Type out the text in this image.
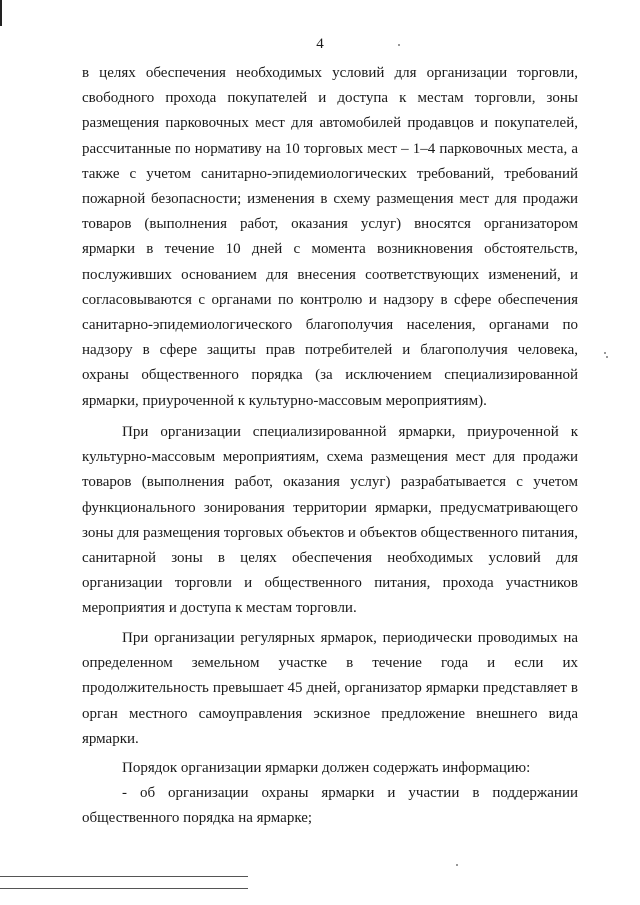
4

в целях обеспечения необходимых условий для организации торговли, свободного прохода покупателей и доступа к местам торговли, зоны размещения парковочных мест для автомобилей продавцов и покупателей, рассчитанные по нормативу на 10 торговых мест – 1–4 парковочных места, а также с учетом санитарно-эпидемиологических требований, требований пожарной безопасности; изменения в схему размещения мест для продажи товаров (выполнения работ, оказания услуг) вносятся организатором ярмарки в течение 10 дней с момента возникновения обстоятельств, послуживших основанием для внесения соответствующих изменений, и согласовываются с органами по контролю и надзору в сфере обеспечения санитарно-эпидемиологического благополучия населения, органами по надзору в сфере защиты прав потребителей и благополучия человека, охраны общественного порядка (за исключением специализированной ярмарки, приуроченной к культурно-массовым мероприятиям).

При организации специализированной ярмарки, приуроченной к культурно-массовым мероприятиям, схема размещения мест для продажи товаров (выполнения работ, оказания услуг) разрабатывается с учетом функционального зонирования территории ярмарки, предусматривающего зоны для размещения торговых объектов и объектов общественного питания, санитарной зоны в целях обеспечения необходимых условий для организации торговли и общественного питания, прохода участников мероприятия и доступа к местам торговли.

При организации регулярных ярмарок, периодически проводимых на определенном земельном участке в течение года и если их продолжительность превышает 45 дней, организатор ярмарки представляет в орган местного самоуправления эскизное предложение внешнего вида ярмарки.

Порядок организации ярмарки должен содержать информацию:

- об организации охраны ярмарки и участии в поддержании общественного порядка на ярмарке;
